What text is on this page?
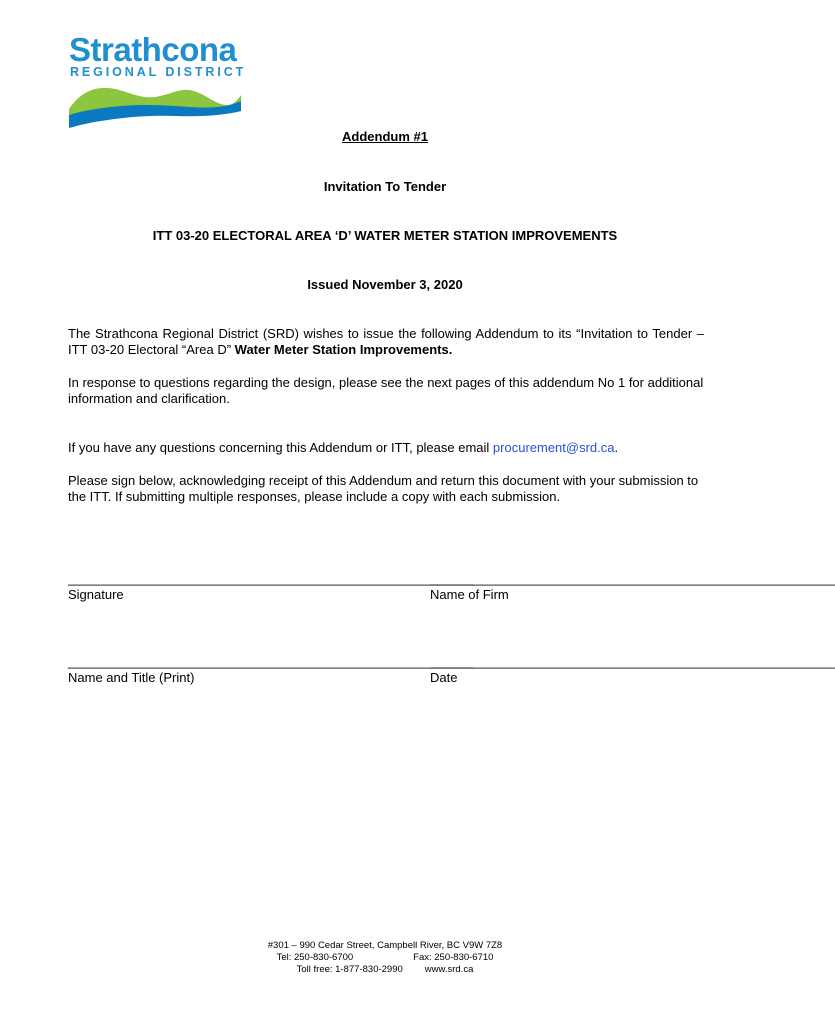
Strathcona
REGIONAL DISTRICT

Addendum #1

Invitation To Tender

ITT 03-20 ELECTORAL AREA ‘D’ WATER METER STATION IMPROVEMENTS

Issued November 3, 2020

The Strathcona Regional District (SRD) wishes to issue the following Addendum to its “Invitation to Tender – ITT 03-20 Electoral “Area D” Water Meter Station Improvements.

In response to questions regarding the design, please see the next pages of this addendum No 1 for additional information and clarification.

If you have any questions concerning this Addendum or ITT, please email procurement@srd.ca.

Please sign below, acknowledging receipt of this Addendum and return this document with your submission to the ITT. If submitting multiple responses, please include a copy with each submission.

________________________________________________________
Signature
________________________________________________________
Name of Firm
________________________________________________________
Name and Title (Print)
________________________________________________________
Date
#301 – 990 Cedar Street, Campbell River, BC V9W 7Z8
Tel: 250-830-6700	Fax: 250-830-6710
Toll free: 1-877-830-2990 www.srd.ca
